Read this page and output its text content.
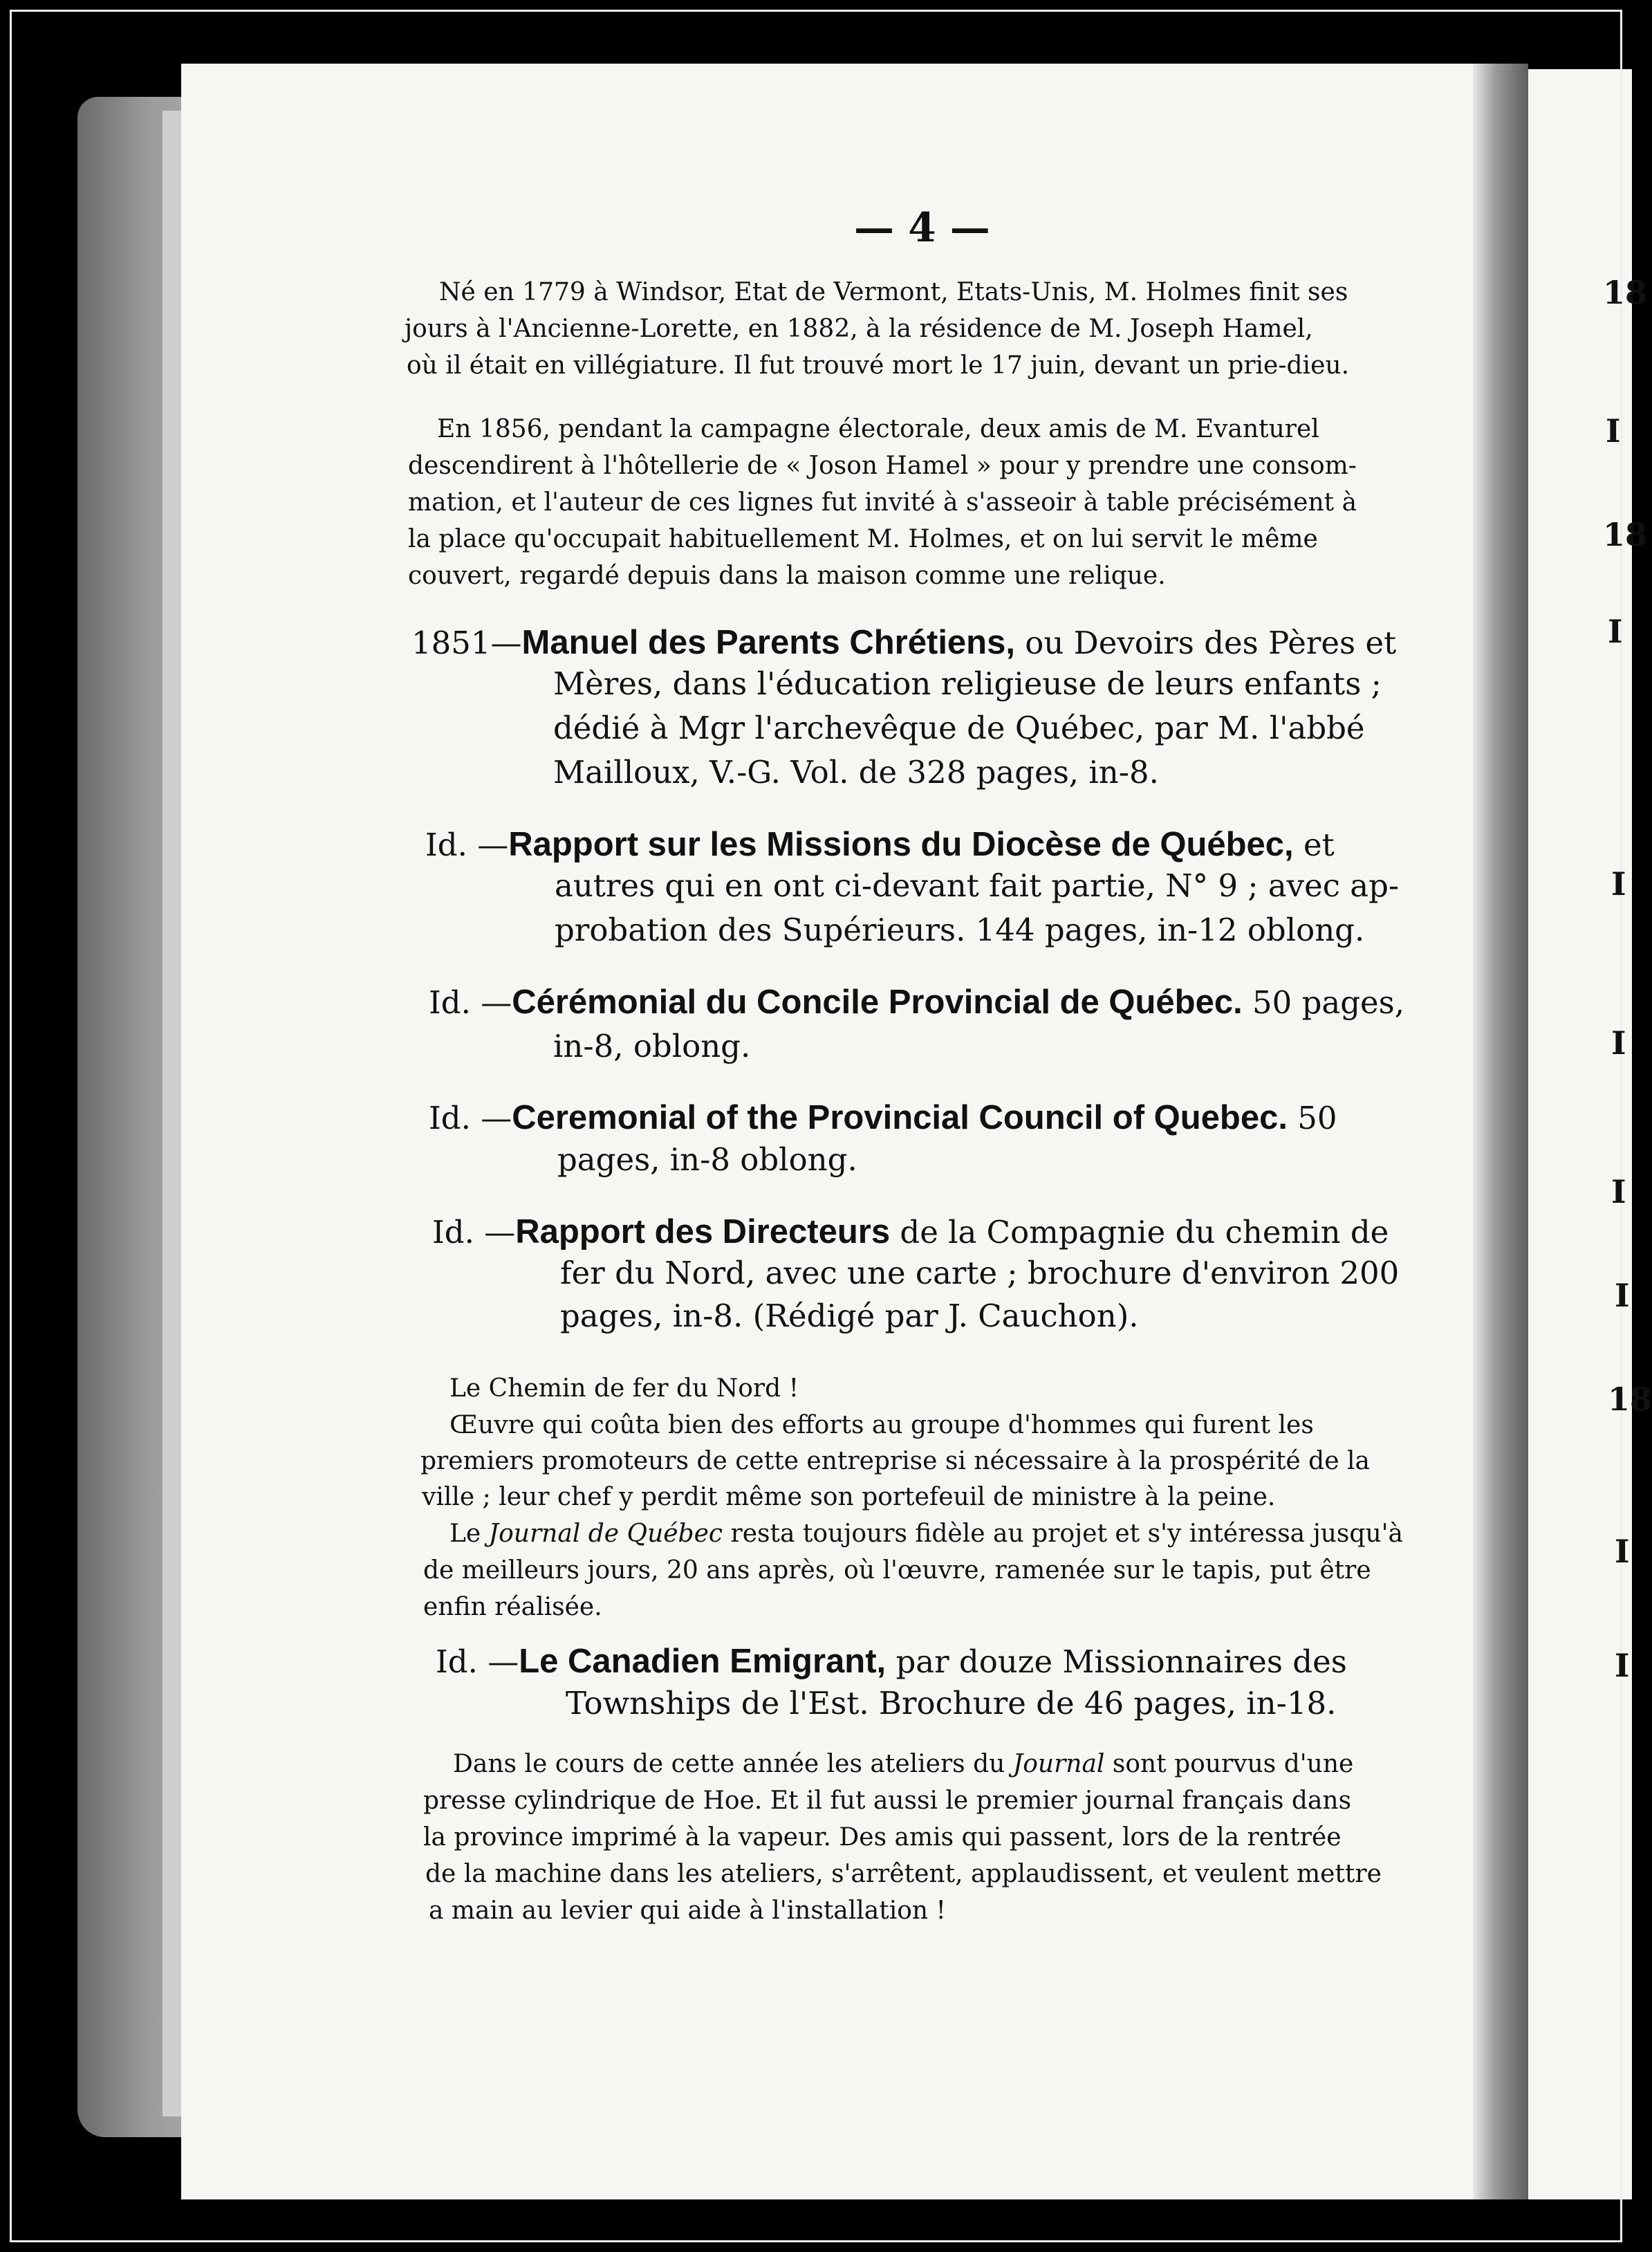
— 4 —
Né en 1779 à Windsor, Etat de Vermont, Etats-Unis, M. Holmes finit ses
jours à l'Ancienne-Lorette, en 1882, à la résidence de M. Joseph Hamel,
où il était en villégiature. Il fut trouvé mort le 17 juin, devant un prie-dieu.
En 1856, pendant la campagne électorale, deux amis de M. Evanturel
descendirent à l'hôtellerie de « Joson Hamel » pour y prendre une consom-
mation, et l'auteur de ces lignes fut invité à s'asseoir à table précisément à
la place qu'occupait habituellement M. Holmes, et on lui servit le même
couvert, regardé depuis dans la maison comme une relique.
1851—Manuel des Parents Chrétiens, ou Devoirs des Pères et
Mères, dans l'éducation religieuse de leurs enfants ;
dédié à Mgr l'archevêque de Québec, par M. l'abbé
Mailloux, V.-G. Vol. de 328 pages, in-8.
Id. —Rapport sur les Missions du Diocèse de Québec, et
autres qui en ont ci-devant fait partie, N° 9 ; avec ap-
probation des Supérieurs. 144 pages, in-12 oblong.
Id. —Cérémonial du Concile Provincial de Québec. 50 pages,
in-8, oblong.
Id. —Ceremonial of the Provincial Council of Quebec. 50
pages, in-8 oblong.
Id. —Rapport des Directeurs de la Compagnie du chemin de
fer du Nord, avec une carte ; brochure d'environ 200
pages, in-8. (Rédigé par J. Cauchon).
Le Chemin de fer du Nord !
Œuvre qui coûta bien des efforts au groupe d'hommes qui furent les
premiers promoteurs de cette entreprise si nécessaire à la prospérité de la
ville ; leur chef y perdit même son portefeuil de ministre à la peine.
Le Journal de Québec resta toujours fidèle au projet et s'y intéressa jusqu'à
de meilleurs jours, 20 ans après, où l'œuvre, ramenée sur le tapis, put être
enfin réalisée.
Id. —Le Canadien Emigrant, par douze Missionnaires des
Townships de l'Est. Brochure de 46 pages, in-18.
Dans le cours de cette année les ateliers du Journal sont pourvus d'une
presse cylindrique de Hoe. Et il fut aussi le premier journal français dans
la province imprimé à la vapeur. Des amis qui passent, lors de la rentrée
de la machine dans les ateliers, s'arrêtent, applaudissent, et veulent mettre
a main au levier qui aide à l'installation !
18
I
18
I
I
I
I
I
18
I
I
